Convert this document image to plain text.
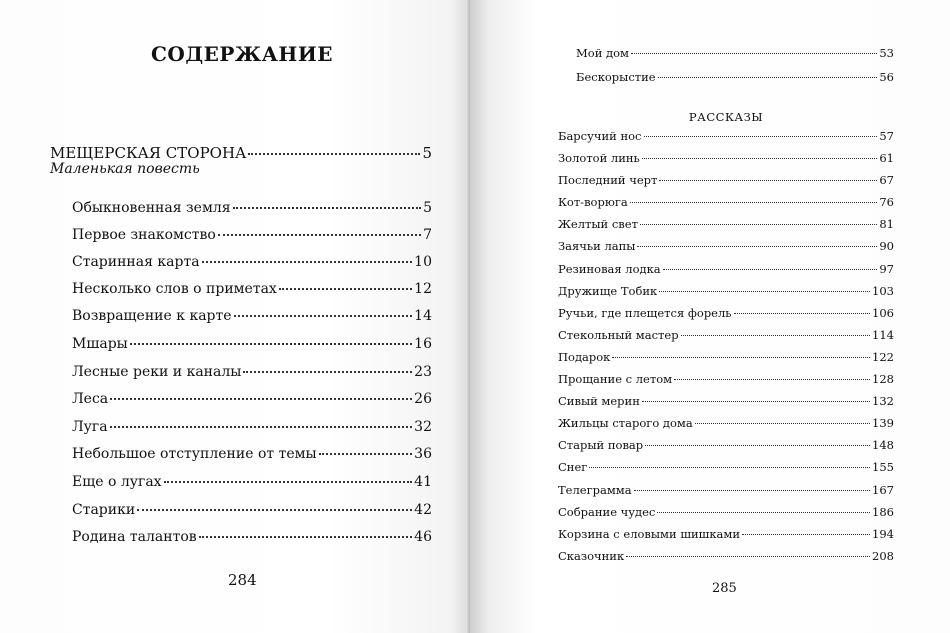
СОДЕРЖАНИЕ
МЕЩЕРСКАЯ СТОРОНА	5
Маленькая повесть
Обыкновенная земля	5
Первое знакомство	7
Старинная карта	10
Несколько слов о приметах	12
Возвращение к карте	14
Мшары	16
Лесные реки и каналы	23
Леса	26
Луга	32
Небольшое отступление от темы	36
Еще о лугах	41
Старики	42
Родина талантов	46
284
Мой дом	53
Бескорыстие	56
РАССКАЗЫ
Барсучий нос	57
Золотой линь	61
Последний черт	67
Кот-ворюга	76
Желтый свет	81
Заячьи лапы	90
Резиновая лодка	97
Дружище Тобик	103
Ручьи, где плещется форель	106
Стекольный мастер	114
Подарок	122
Прощание с летом	128
Сивый мерин	132
Жильцы старого дома	139
Старый повар	148
Снег	155
Телеграмма	167
Собрание чудес	186
Корзина с еловыми шишками	194
Сказочник	208
285
